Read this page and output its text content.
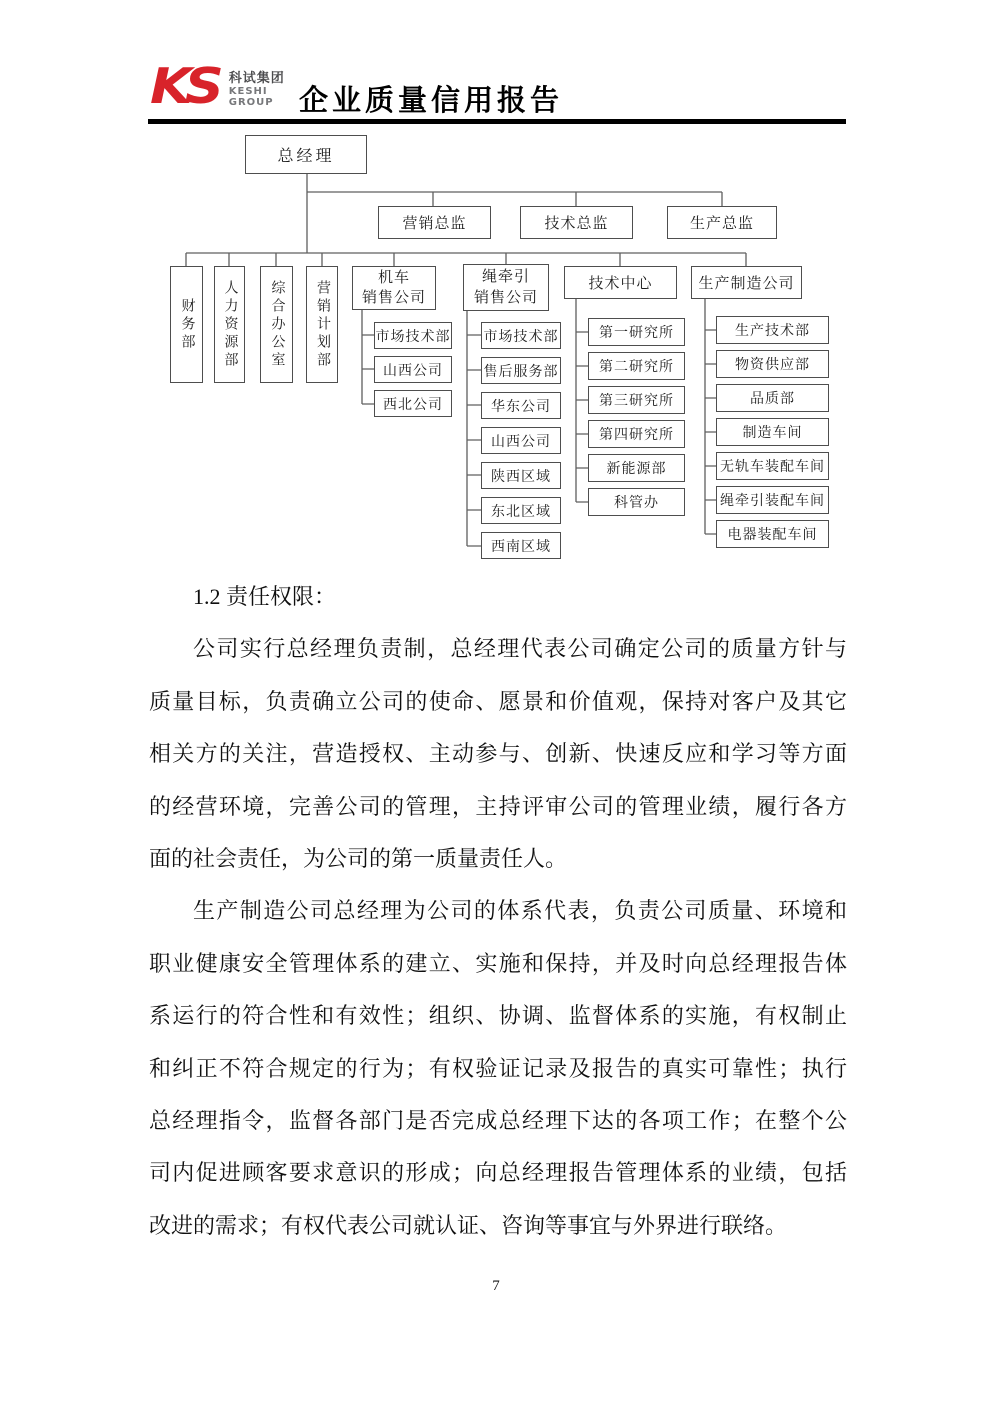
KS 科试集团
KESHI
GROUP 企业质量信用报告
总经理
营销总监	技术总监	生产总监
财务部	人力资源部	综合办公室	营销计划部
机车
销售公司
绳牵引
销售公司
技术中心	生产制造公司
市场技术部
山西公司
西北公司
市场技术部
售后服务部
华东公司
山西公司
陕西区域
东北区域
西南区域
第一研究所
第二研究所
第三研究所
第四研究所
新能源部
科管办
生产技术部
物资供应部
品质部
制造车间
无轨车装配车间
绳牵引装配车间
电器装配车间
1.2 责任权限：
公司实行总经理负责制，总经理代表公司确定公司的质量方针与
质量目标，负责确立公司的使命、愿景和价值观，保持对客户及其它
相关方的关注，营造授权、主动参与、创新、快速反应和学习等方面
的经营环境，完善公司的管理，主持评审公司的管理业绩，履行各方
面的社会责任，为公司的第一质量责任人。
生产制造公司总经理为公司的体系代表，负责公司质量、环境和
职业健康安全管理体系的建立、实施和保持，并及时向总经理报告体
系运行的符合性和有效性；组织、协调、监督体系的实施，有权制止
和纠正不符合规定的行为；有权验证记录及报告的真实可靠性；执行
总经理指令，监督各部门是否完成总经理下达的各项工作；在整个公
司内促进顾客要求意识的形成；向总经理报告管理体系的业绩，包括
改进的需求；有权代表公司就认证、咨询等事宜与外界进行联络。
7
